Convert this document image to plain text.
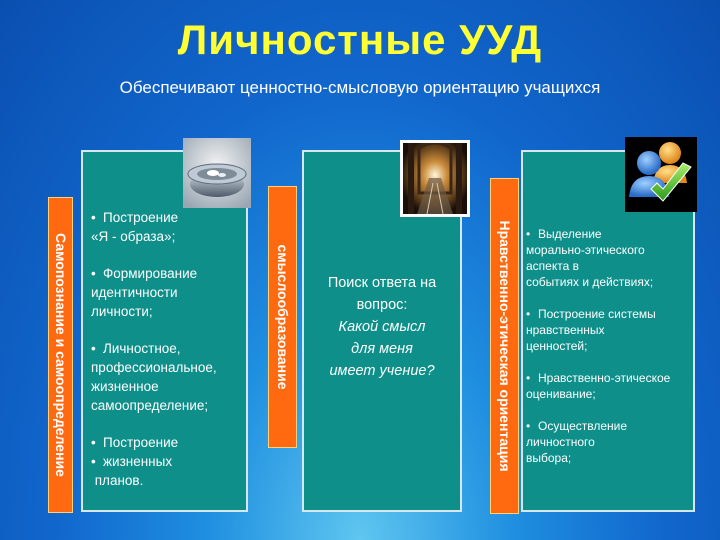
Личностные УУД
Обеспечивают ценностно-смысловую ориентацию учащихся
Самопознание и самоопределение
• Построение
«Я - образа»;
• Формирование
идентичности
личности;
• Личностное,
профессиональное,
жизненное
самоопределение;
• Построение
• жизненных
планов.
смыслообразование	Поиск ответа на
вопрос:
Какой смысл
для меня
имеет учение?	Нравственно-этическая ориентация • Выделение
морально-этического
аспекта в
событиях и действиях;
• Построение системы
нравственных
ценностей;
• Нравственно-этическое
оценивание;
• Осуществление
личностного
выбора;
